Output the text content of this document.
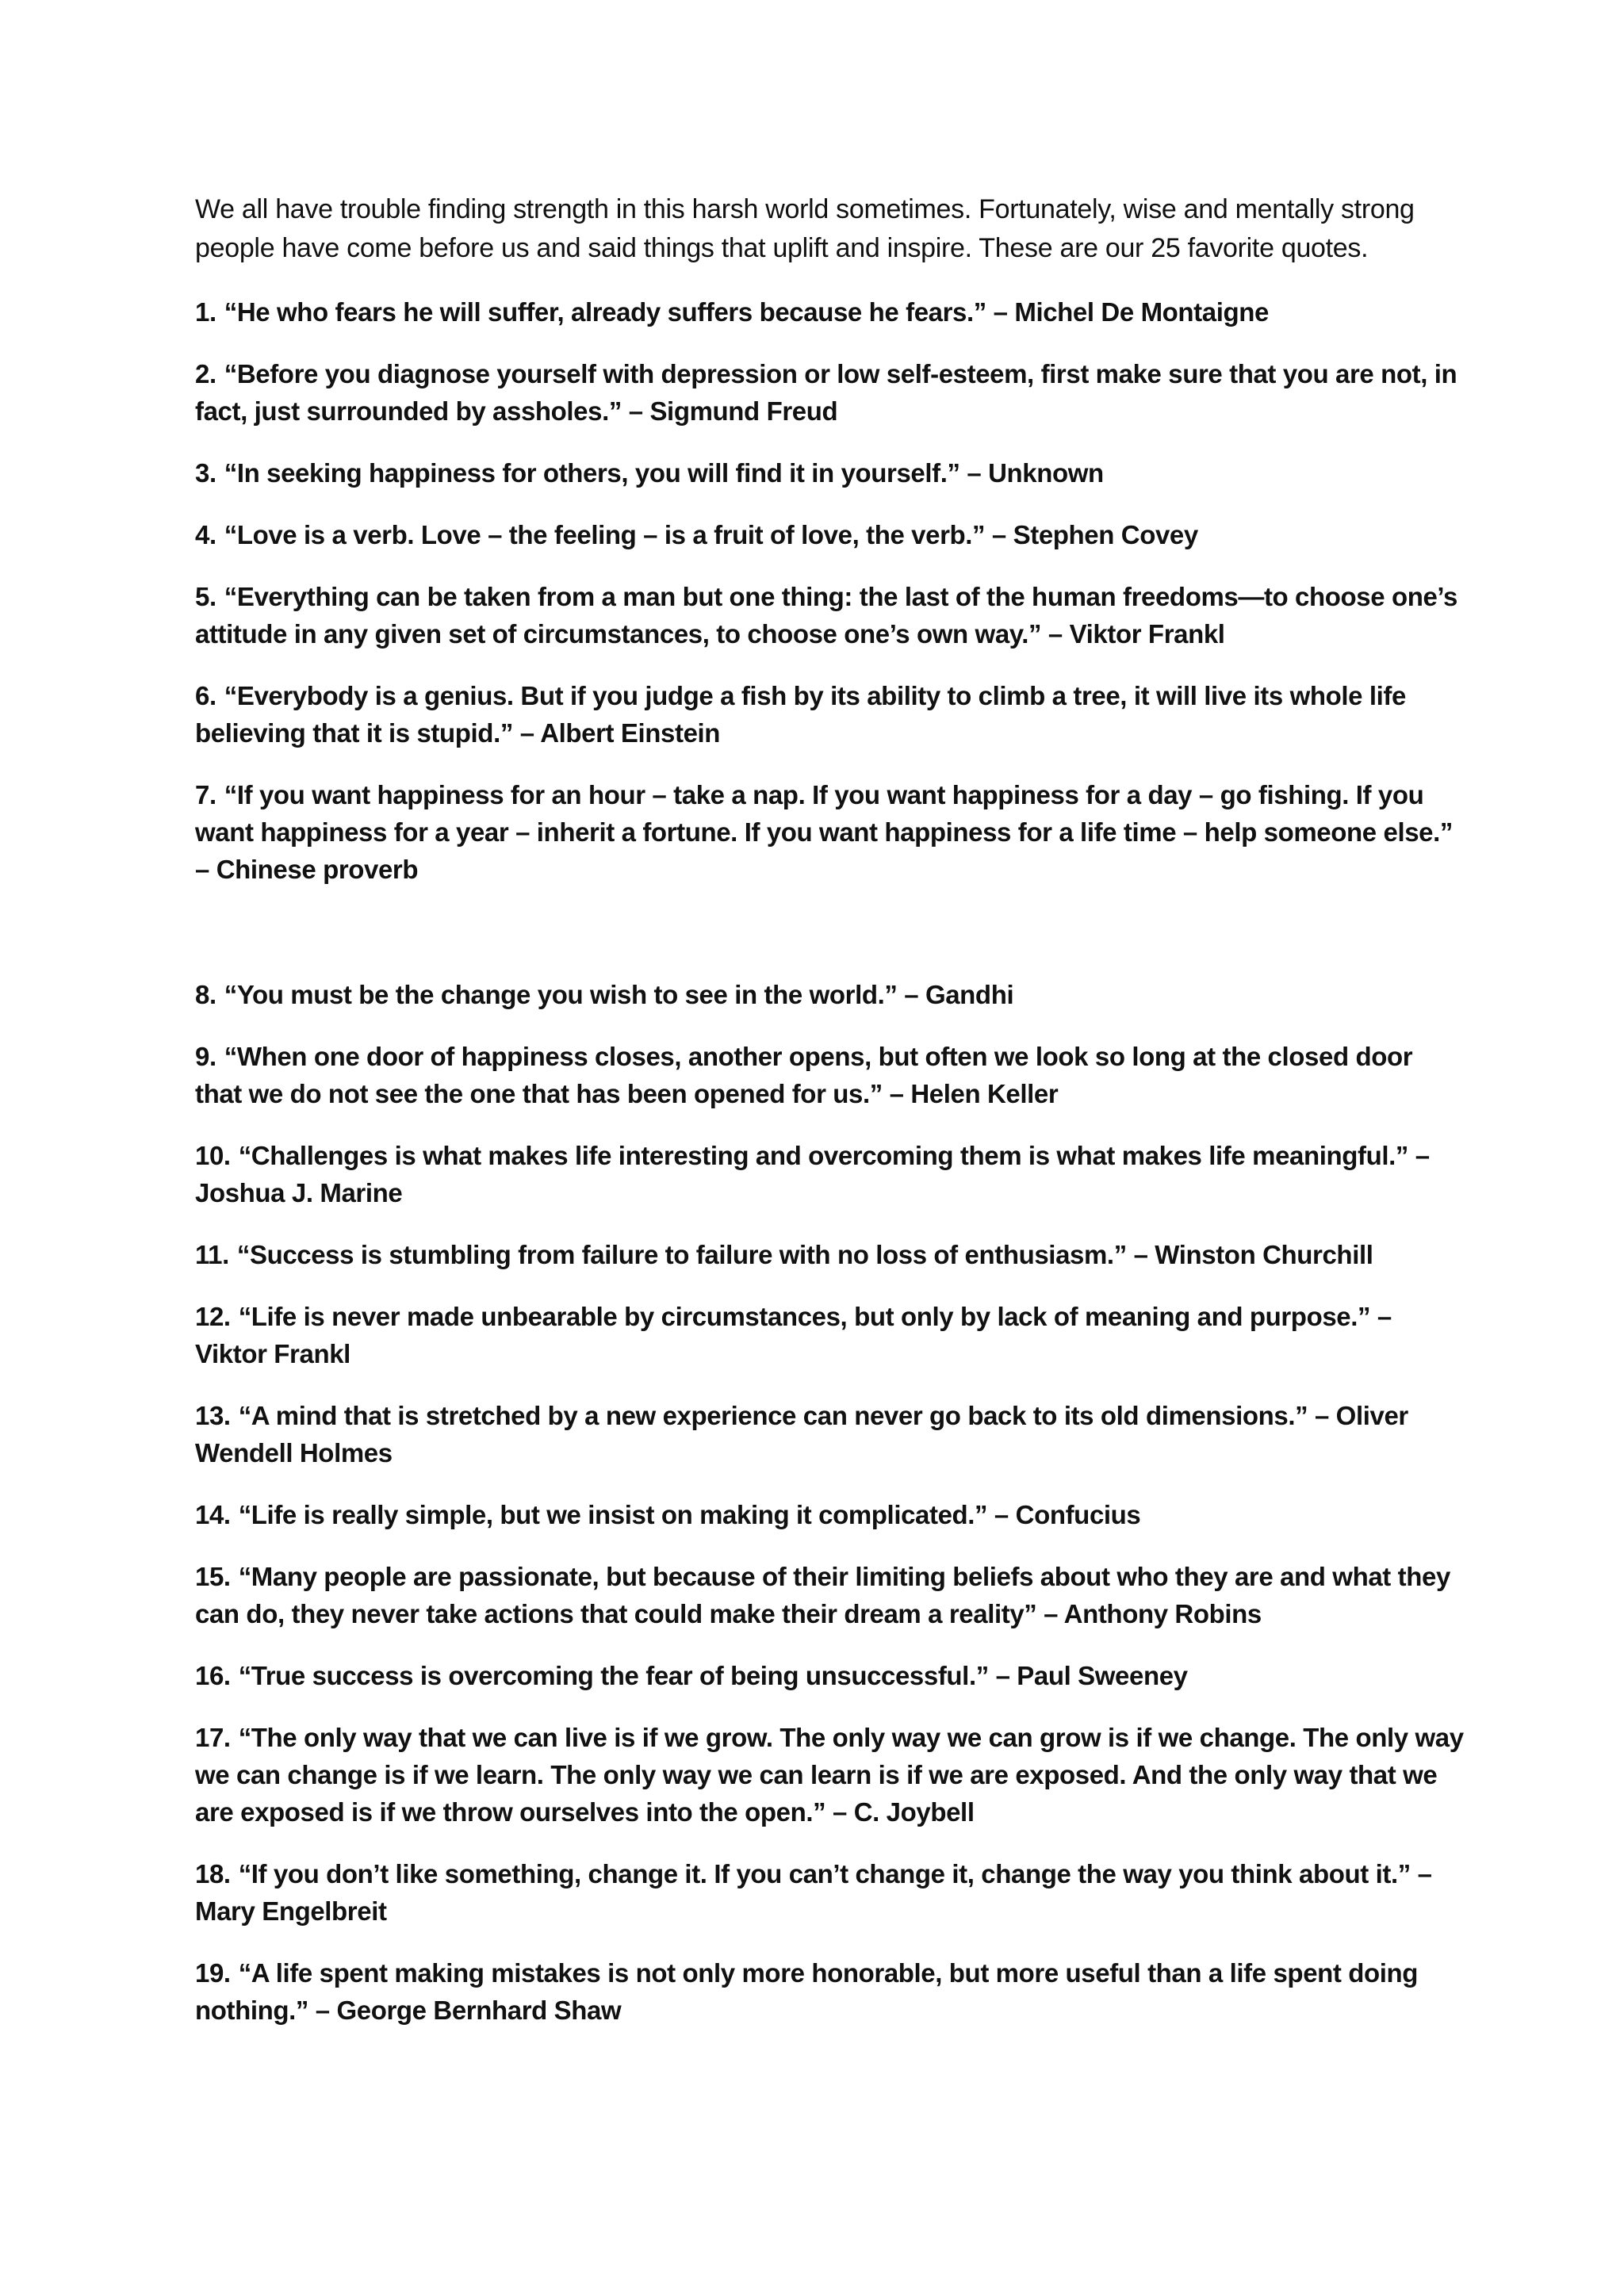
We all have trouble finding strength in this harsh world sometimes. Fortunately, wise and mentally strong people have come before us and said things that uplift and inspire. These are our 25 favorite quotes.

1. “He who fears he will suffer, already suffers because he fears.” – Michel De Montaigne

2. “Before you diagnose yourself with depression or low self-esteem, first make sure that you are not, in fact, just surrounded by assholes.” – Sigmund Freud

3. “In seeking happiness for others, you will find it in yourself.” – Unknown

4. “Love is a verb. Love – the feeling – is a fruit of love, the verb.” – Stephen Covey

5. “Everything can be taken from a man but one thing: the last of the human freedoms—to choose one’s attitude in any given set of circumstances, to choose one’s own way.” – Viktor Frankl

6. “Everybody is a genius. But if you judge a fish by its ability to climb a tree, it will live its whole life believing that it is stupid.” – Albert Einstein

7. “If you want happiness for an hour – take a nap. If you want happiness for a day – go fishing. If you want happiness for a year – inherit a fortune. If you want happiness for a life time – help someone else.” – Chinese proverb

8. “You must be the change you wish to see in the world.” – Gandhi

9. “When one door of happiness closes, another opens, but often we look so long at the closed door that we do not see the one that has been opened for us.” – Helen Keller

10. “Challenges is what makes life interesting and overcoming them is what makes life meaningful.” – Joshua J. Marine

11. “Success is stumbling from failure to failure with no loss of enthusiasm.” – Winston Churchill

12. “Life is never made unbearable by circumstances, but only by lack of meaning and purpose.” – Viktor Frankl

13. “A mind that is stretched by a new experience can never go back to its old dimensions.” – Oliver Wendell Holmes

14. “Life is really simple, but we insist on making it complicated.” – Confucius

15. “Many people are passionate, but because of their limiting beliefs about who they are and what they can do, they never take actions that could make their dream a reality” – Anthony Robins

16. “True success is overcoming the fear of being unsuccessful.” – Paul Sweeney

17. “The only way that we can live is if we grow. The only way we can grow is if we change. The only way we can change is if we learn. The only way we can learn is if we are exposed. And the only way that we are exposed is if we throw ourselves into the open.” – C. Joybell

18. “If you don’t like something, change it. If you can’t change it, change the way you think about it.” – Mary Engelbreit

19. “A life spent making mistakes is not only more honorable, but more useful than a life spent doing nothing.” – George Bernhard Shaw
